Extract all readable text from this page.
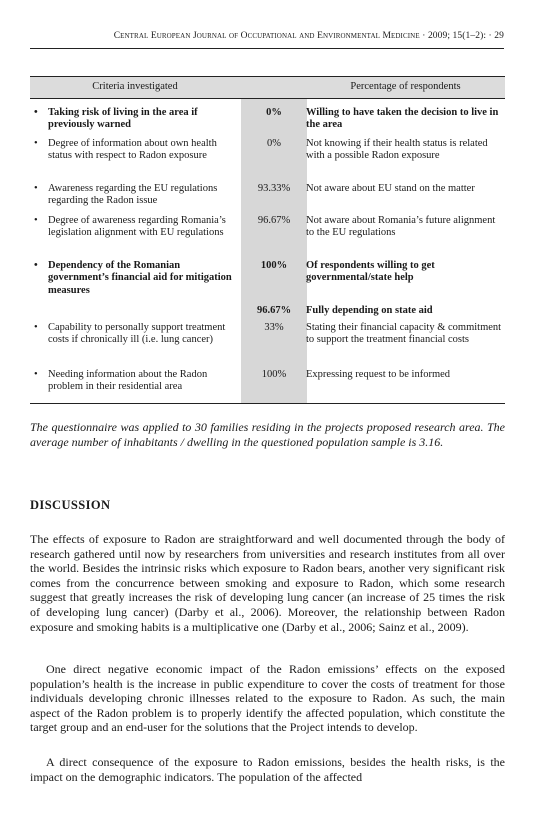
Central European Journal of Occupational and Environmental Medicine · 2009; 15(1–2): · 29
Criteria investigated	Percentage of respondents
• Taking risk of living in the area if previously warned
0%	Willing to have taken the decision to live in the area
• Degree of information about own health status with respect to Radon exposure
0%	Not knowing if their health status is related with a possible Radon exposure
• Awareness regarding the EU regulations regarding the Radon issue
93.33%	Not aware about EU stand on the matter
• Degree of awareness regarding Romania’s legislation alignment with EU regulations
96.67%	Not aware about Romania’s future alignment to the EU regulations
• Dependency of the Romanian government’s financial aid for mitigation measures
100%	Of respondents willing to get governmental/state help
96.67%	Fully depending on state aid
• Capability to personally support treatment costs if chronically ill (i.e. lung cancer)
33%	Stating their financial capacity & commitment to support the treatment financial costs
• Needing information about the Radon problem in their residential area
100%	Expressing request to be informed

The questionnaire was applied to 30 families residing in the projects proposed research area. The average number of inhabitants / dwelling in the questioned population sample is 3.16.

DISCUSSION

The effects of exposure to Radon are straightforward and well documented through the body of research gathered until now by researchers from universities and research institutes from all over the world. Besides the intrinsic risks which exposure to Radon bears, another very significant risk comes from the concurrence between smoking and exposure to Radon, which some research suggest that greatly increases the risk of developing lung cancer (an increase of 25 times the risk of developing lung cancer) (Darby et al., 2006). Moreover, the relationship between Radon exposure and smoking habits is a multiplicative one (Darby et al., 2006; Sainz et al., 2009).

One direct negative economic impact of the Radon emissions’ effects on the exposed population’s health is the increase in public expenditure to cover the costs of treatment for those individuals developing chronic illnesses related to the exposure to Radon. As such, the main aspect of the Radon problem is to properly identify the affected population, which constitute the target group and an end-user for the solutions that the Project intends to develop.

A direct consequence of the exposure to Radon emissions, besides the health risks, is the impact on the demographic indicators. The population of the affected
